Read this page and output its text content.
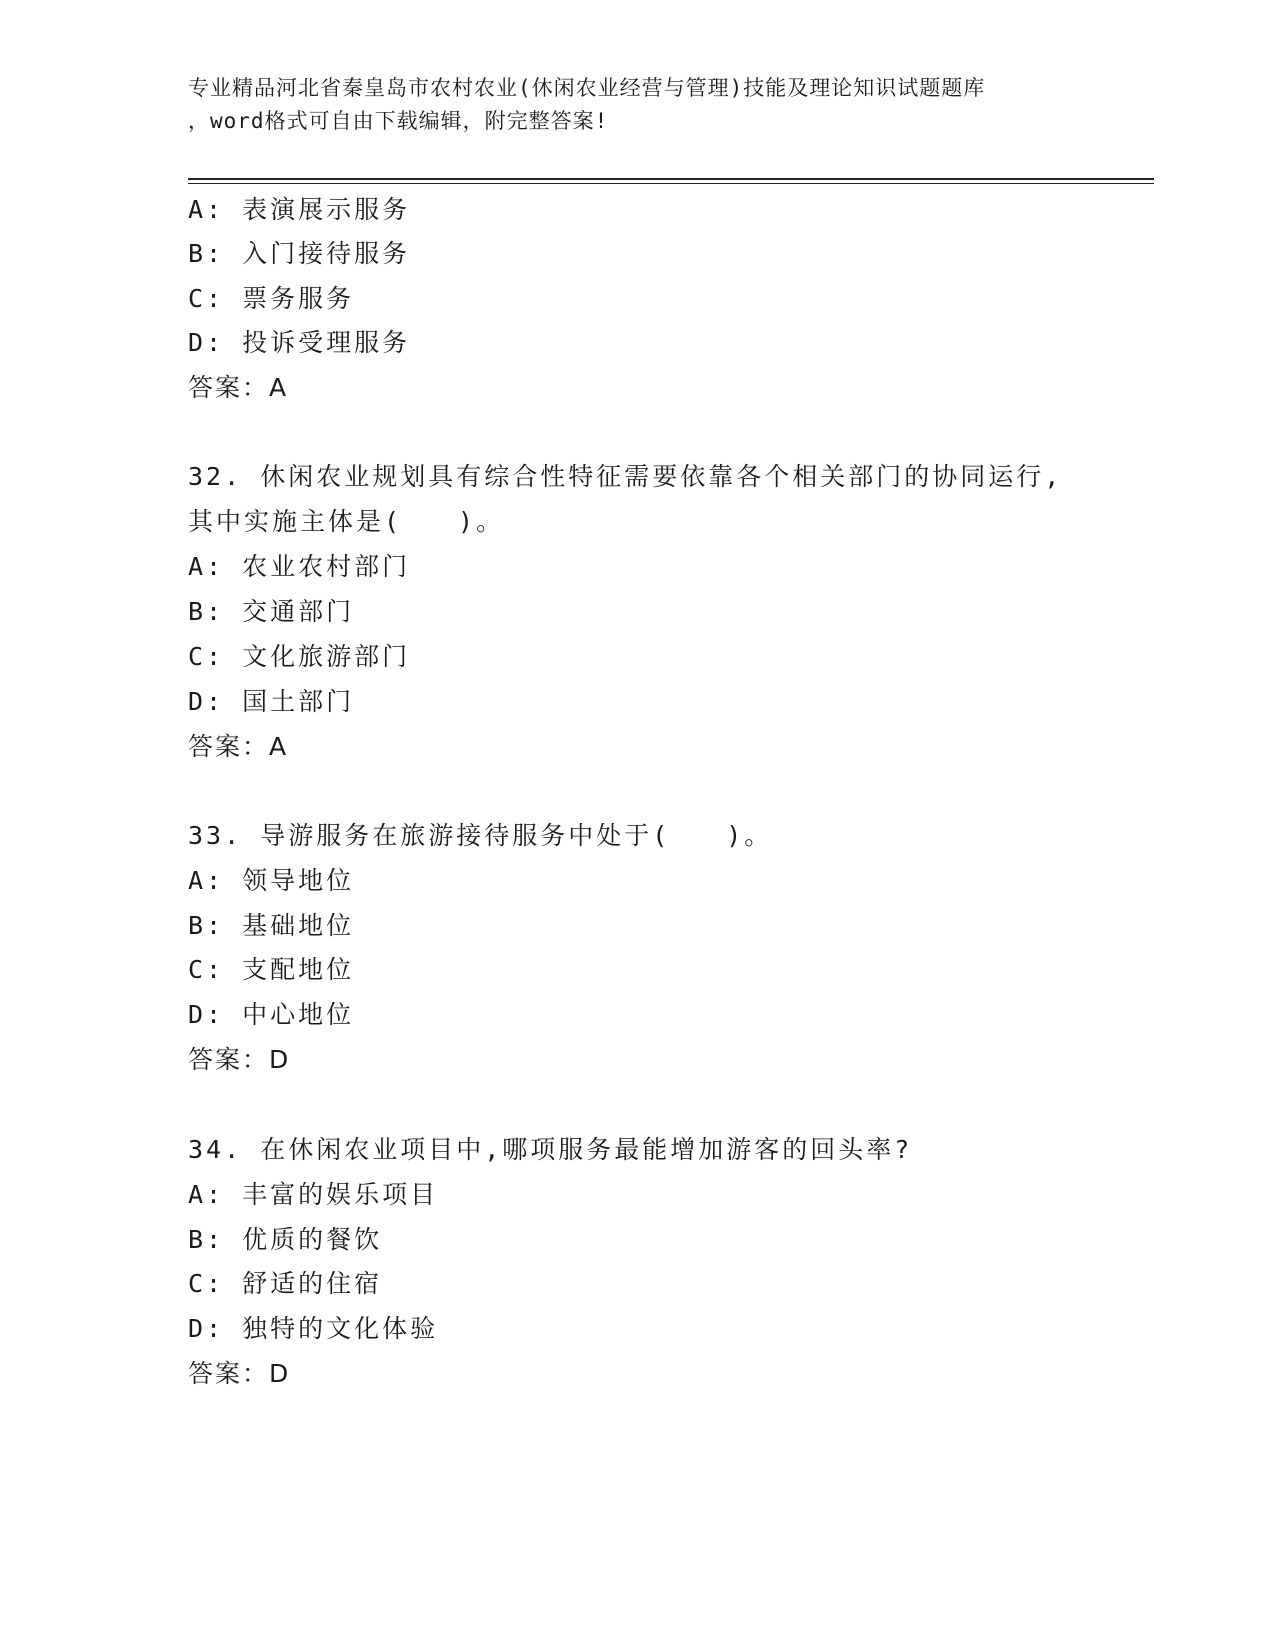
专业精品河北省秦皇岛市农村农业(休闲农业经营与管理)技能及理论知识试题题库
，word格式可自由下载编辑，附完整答案!
A: 表演展示服务
B: 入门接待服务
C: 票务服务
D: 投诉受理服务
答案：A
32. 休闲农业规划具有综合性特征需要依靠各个相关部门的协同运行,
其中实施主体是(　　)。
A: 农业农村部门
B: 交通部门
C: 文化旅游部门
D: 国土部门
答案：A
33. 导游服务在旅游接待服务中处于(　　)。
A: 领导地位
B: 基础地位
C: 支配地位
D: 中心地位
答案：D
34. 在休闲农业项目中,哪项服务最能增加游客的回头率?
A: 丰富的娱乐项目
B: 优质的餐饮
C: 舒适的住宿
D: 独特的文化体验
答案：D
